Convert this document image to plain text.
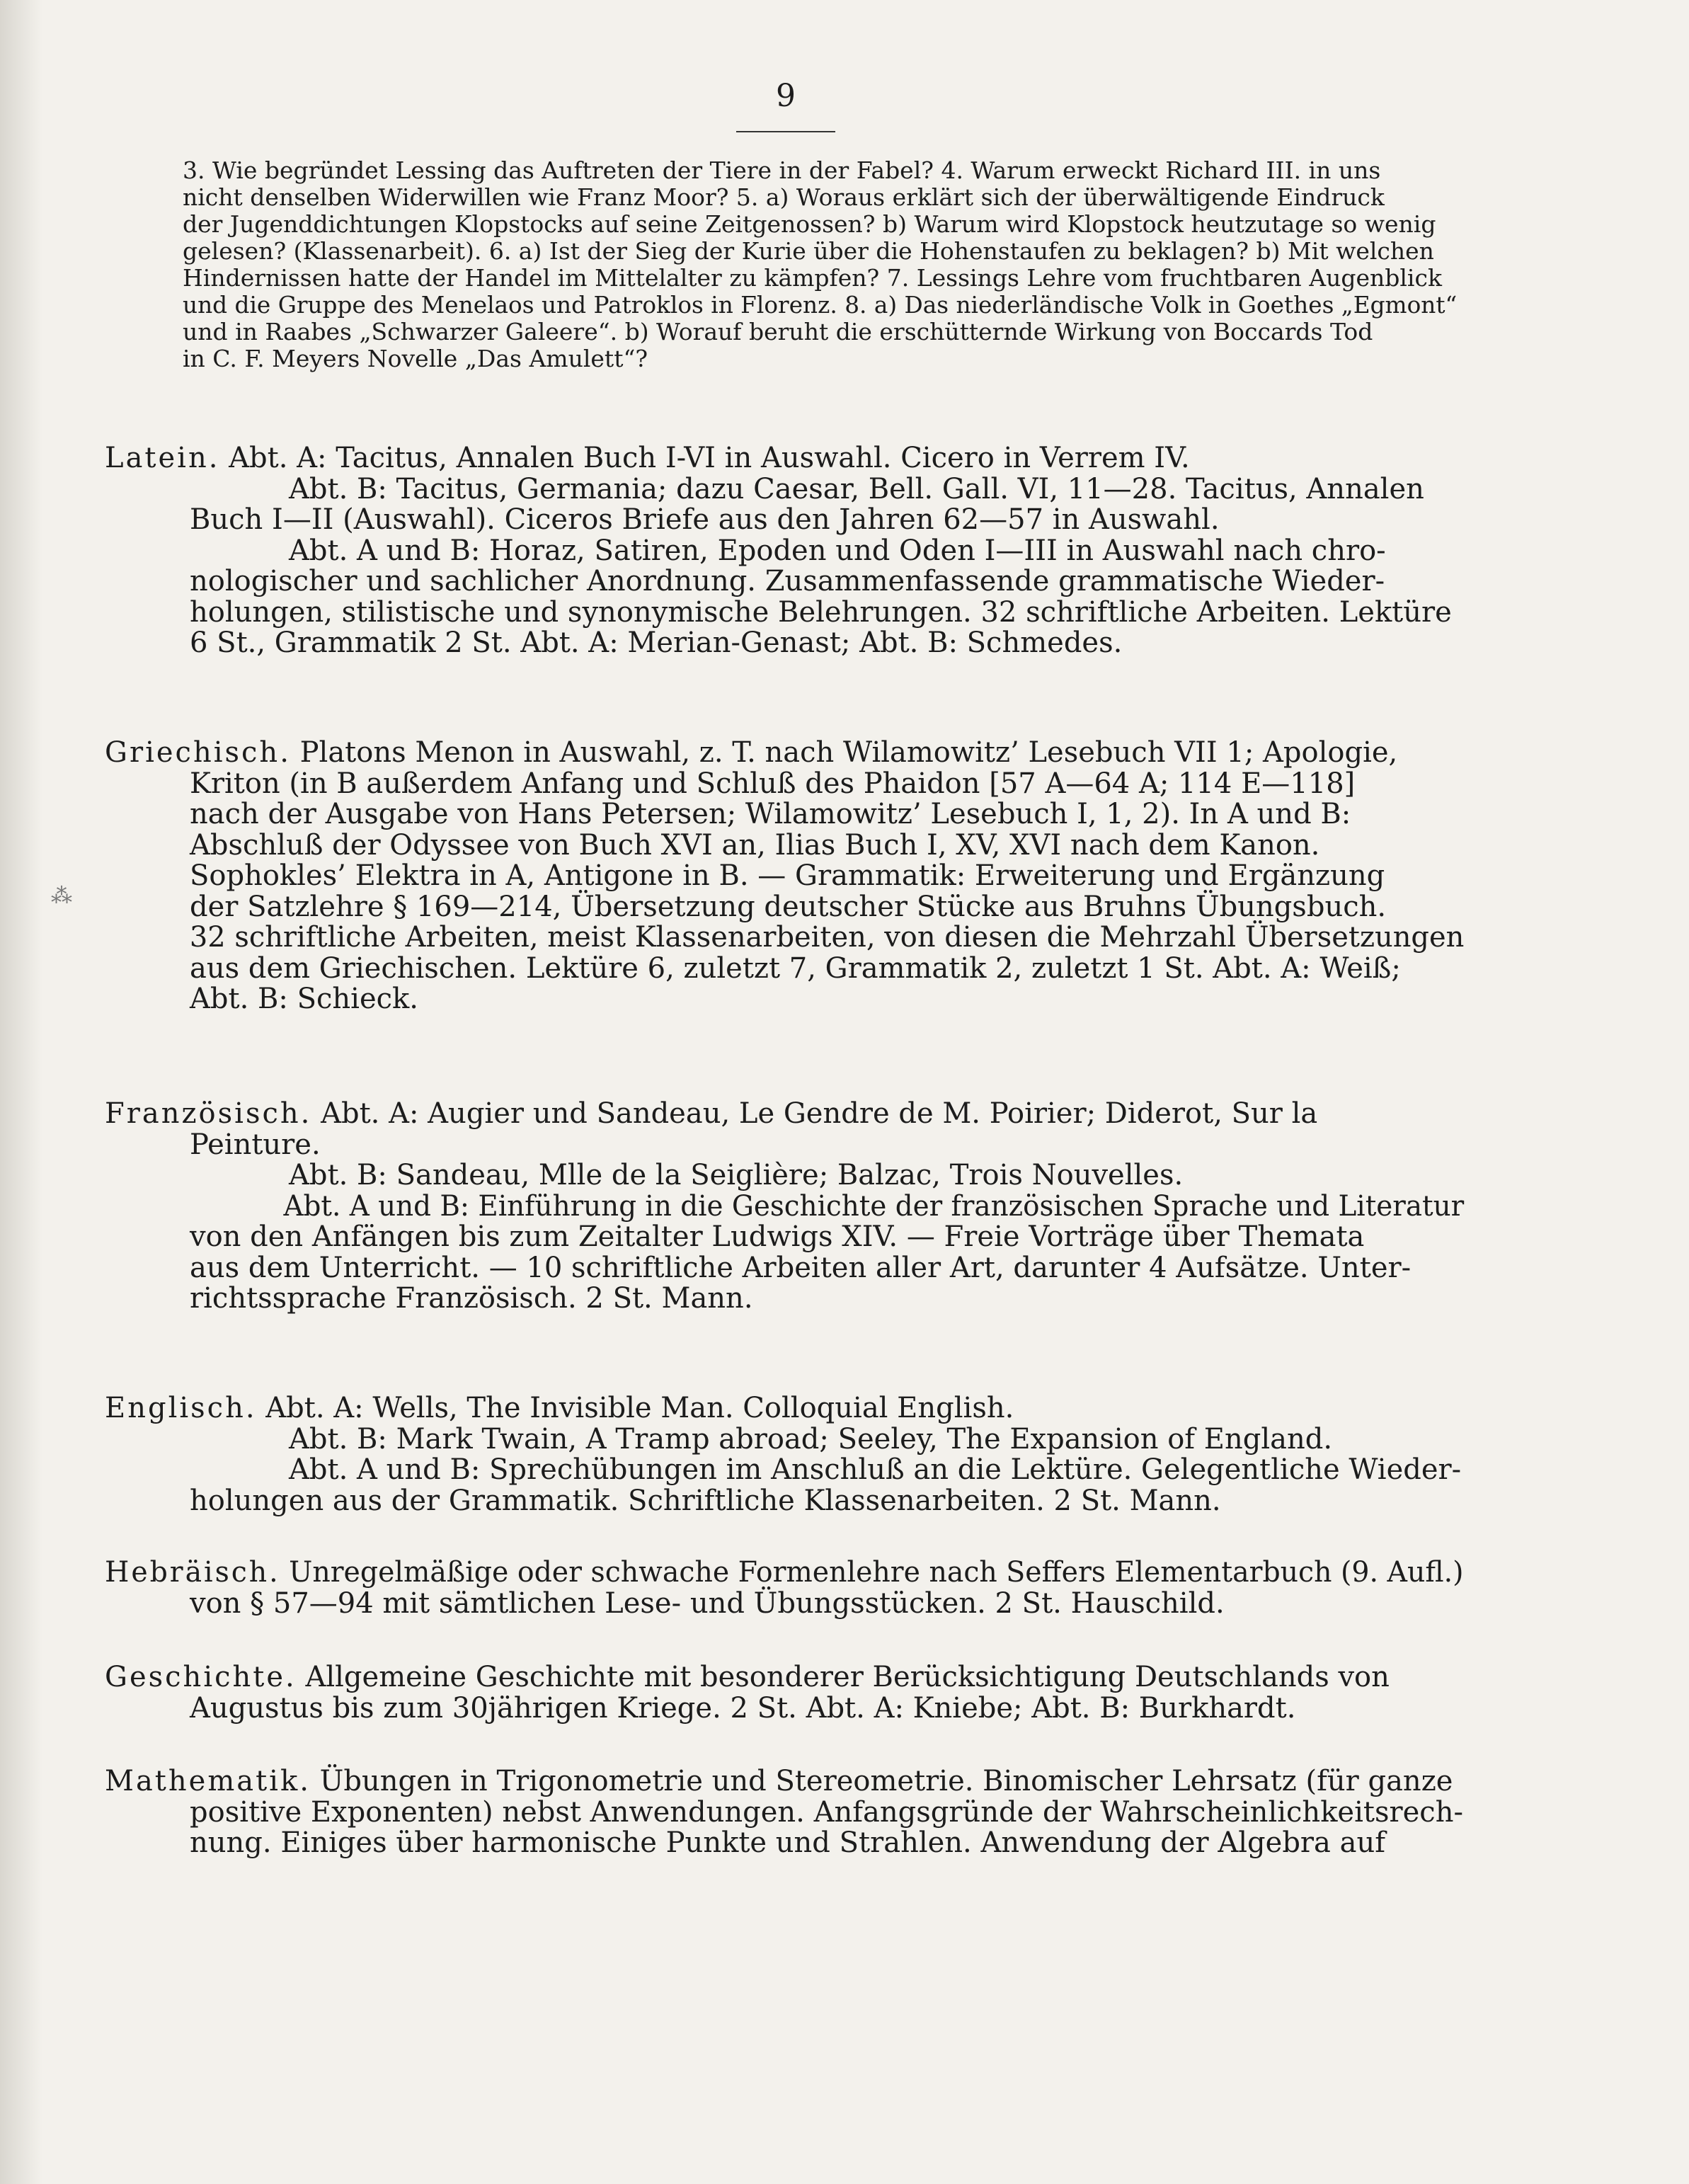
⁂
9

3. Wie begründet Lessing das Auftreten der Tiere in der Fabel? 4. Warum erweckt Richard III. in uns

nicht denselben Widerwillen wie Franz Moor? 5. a) Woraus erklärt sich der überwältigende Eindruck

der Jugenddichtungen Klopstocks auf seine Zeitgenossen? b) Warum wird Klopstock heutzutage so wenig

gelesen? (Klassenarbeit). 6. a) Ist der Sieg der Kurie über die Hohenstaufen zu beklagen? b) Mit welchen

Hindernissen hatte der Handel im Mittelalter zu kämpfen? 7. Lessings Lehre vom fruchtbaren Augenblick

und die Gruppe des Menelaos und Patroklos in Florenz. 8. a) Das niederländische Volk in Goethes „Egmont“

und in Raabes „Schwarzer Galeere“. b) Worauf beruht die erschütternde Wirkung von Boccards Tod

in C. F. Meyers Novelle „Das Amulett“?

Latein. Abt. A: Tacitus, Annalen Buch I-VI in Auswahl. Cicero in Verrem IV.

Abt. B: Tacitus, Germania; dazu Caesar, Bell. Gall. VI, 11—28. Tacitus, Annalen

Buch I—II (Auswahl). Ciceros Briefe aus den Jahren 62—57 in Auswahl.

Abt. A und B: Horaz, Satiren, Epoden und Oden I—III in Auswahl nach chro-

nologischer und sachlicher Anordnung. Zusammenfassende grammatische Wieder-

holungen, stilistische und synonymische Belehrungen. 32 schriftliche Arbeiten. Lektüre

6 St., Grammatik 2 St. Abt. A: Merian-Genast; Abt. B: Schmedes.

Griechisch. Platons Menon in Auswahl, z. T. nach Wilamowitz’ Lesebuch VII 1; Apologie,

Kriton (in B außerdem Anfang und Schluß des Phaidon [57 A—64 A; 114 E—118]

nach der Ausgabe von Hans Petersen; Wilamowitz’ Lesebuch I, 1, 2). In A und B:

Abschluß der Odyssee von Buch XVI an, Ilias Buch I, XV, XVI nach dem Kanon.

Sophokles’ Elektra in A, Antigone in B. — Grammatik: Erweiterung und Ergänzung

der Satzlehre § 169—214, Übersetzung deutscher Stücke aus Bruhns Übungsbuch.

32 schriftliche Arbeiten, meist Klassenarbeiten, von diesen die Mehrzahl Übersetzungen

aus dem Griechischen. Lektüre 6, zuletzt 7, Grammatik 2, zuletzt 1 St. Abt. A: Weiß;

Abt. B: Schieck.

Französisch. Abt. A: Augier und Sandeau, Le Gendre de M. Poirier; Diderot, Sur la

Peinture.

Abt. B: Sandeau, Mlle de la Seiglière; Balzac, Trois Nouvelles.

Abt. A und B: Einführung in die Geschichte der französischen Sprache und Literatur

von den Anfängen bis zum Zeitalter Ludwigs XIV. — Freie Vorträge über Themata

aus dem Unterricht. — 10 schriftliche Arbeiten aller Art, darunter 4 Aufsätze. Unter-

richtssprache Französisch. 2 St. Mann.

Englisch. Abt. A: Wells, The Invisible Man. Colloquial English.

Abt. B: Mark Twain, A Tramp abroad; Seeley, The Expansion of England.

Abt. A und B: Sprechübungen im Anschluß an die Lektüre. Gelegentliche Wieder-

holungen aus der Grammatik. Schriftliche Klassenarbeiten. 2 St. Mann.

Hebräisch. Unregelmäßige oder schwache Formenlehre nach Seffers Elementarbuch (9. Aufl.)

von § 57—94 mit sämtlichen Lese- und Übungsstücken. 2 St. Hauschild.

Geschichte. Allgemeine Geschichte mit besonderer Berücksichtigung Deutschlands von

Augustus bis zum 30jährigen Kriege. 2 St. Abt. A: Kniebe; Abt. B: Burkhardt.

Mathematik. Übungen in Trigonometrie und Stereometrie. Binomischer Lehrsatz (für ganze

positive Exponenten) nebst Anwendungen. Anfangsgründe der Wahrscheinlichkeitsrech-

nung. Einiges über harmonische Punkte und Strahlen. Anwendung der Algebra auf
